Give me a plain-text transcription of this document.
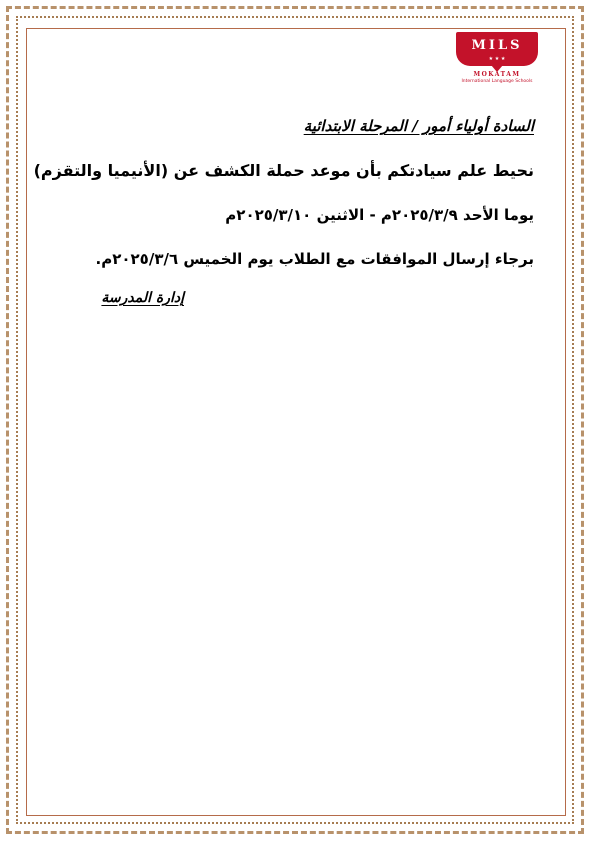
MILS
★ ★ ★
MOKATAM
International Language Schools
السادة أولياء أمور / المرحلة الابتدائية
نحيط علم سيادتكم بأن موعد حملة الكشف عن (الأنيميا والتقزم)
يوما الأحد ٢٠٢٥/٣/٩م - الاثنين ٢٠٢٥/٣/١٠م
برجاء إرسال الموافقات مع الطلاب يوم الخميس ٢٠٢٥/٣/٦م.
إدارة المدرسة
